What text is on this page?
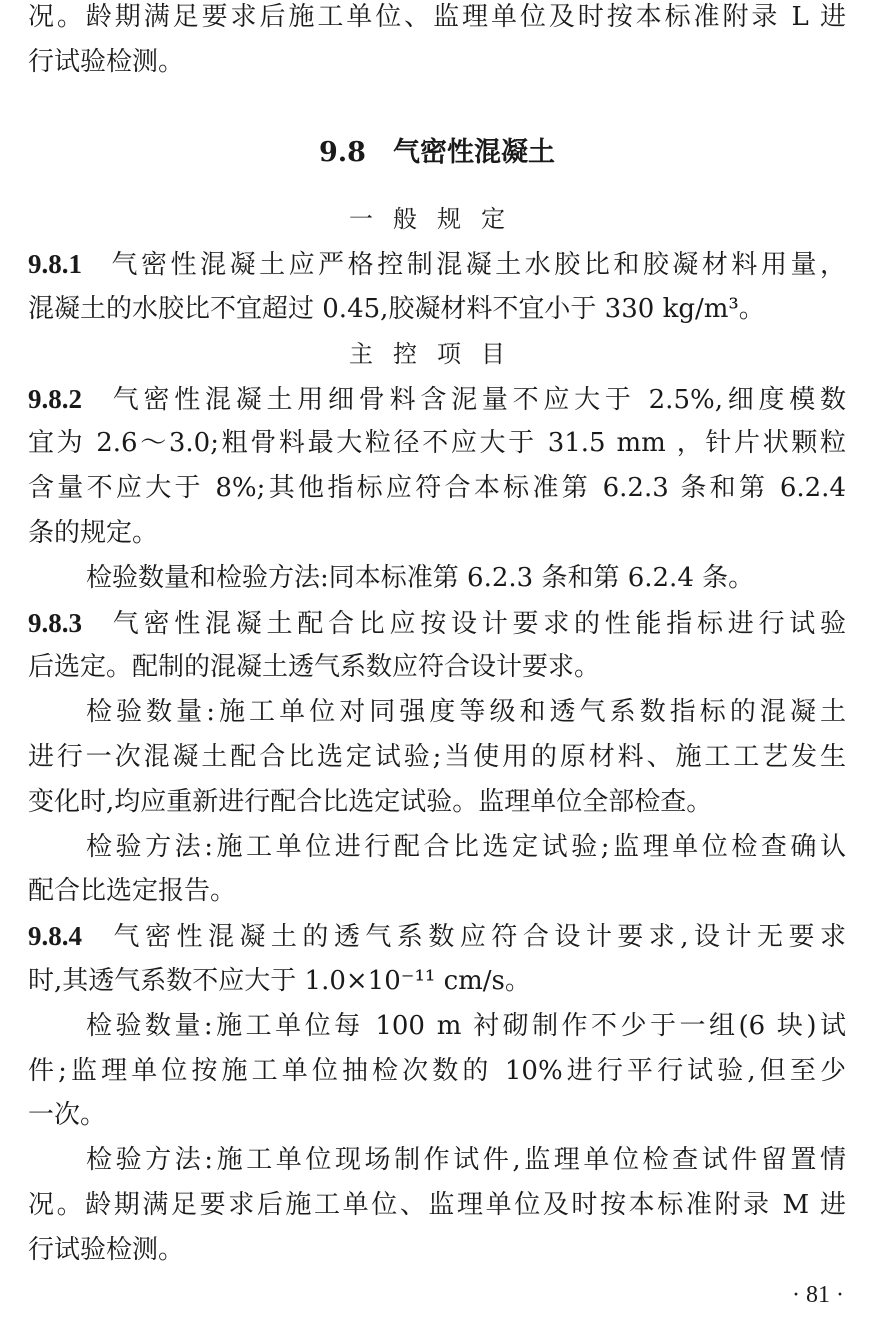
况。龄期满足要求后施工单位、监理单位及时按本标准附录 L 进
行试验检测。
9.8　气密性混凝土
一般规定
9.8.1 气密性混凝土应严格控制混凝土水胶比和胶凝材料用量，
混凝土的水胶比不宜超过 0.45,胶凝材料不宜小于 330 kg/m³。
主控项目
9.8.2 气密性混凝土用细骨料含泥量不应大于 2.5%,细度模数
宜为 2.6～3.0;粗骨料最大粒径不应大于 31.5 mm ，针片状颗粒
含量不应大于 8%;其他指标应符合本标准第 6.2.3 条和第 6.2.4
条的规定。
检验数量和检验方法:同本标准第 6.2.3 条和第 6.2.4 条。
9.8.3 气密性混凝土配合比应按设计要求的性能指标进行试验
后选定。配制的混凝土透气系数应符合设计要求。
检验数量:施工单位对同强度等级和透气系数指标的混凝土
进行一次混凝土配合比选定试验;当使用的原材料、施工工艺发生
变化时,均应重新进行配合比选定试验。监理单位全部检查。
检验方法:施工单位进行配合比选定试验;监理单位检查确认
配合比选定报告。
9.8.4 气密性混凝土的透气系数应符合设计要求,设计无要求
时,其透气系数不应大于 1.0×10⁻¹¹ cm/s。
检验数量:施工单位每 100 m 衬砌制作不少于一组(6 块)试
件;监理单位按施工单位抽检次数的 10%进行平行试验,但至少
一次。
检验方法:施工单位现场制作试件,监理单位检查试件留置情
况。龄期满足要求后施工单位、监理单位及时按本标准附录 M 进
行试验检测。
· 81 ·
